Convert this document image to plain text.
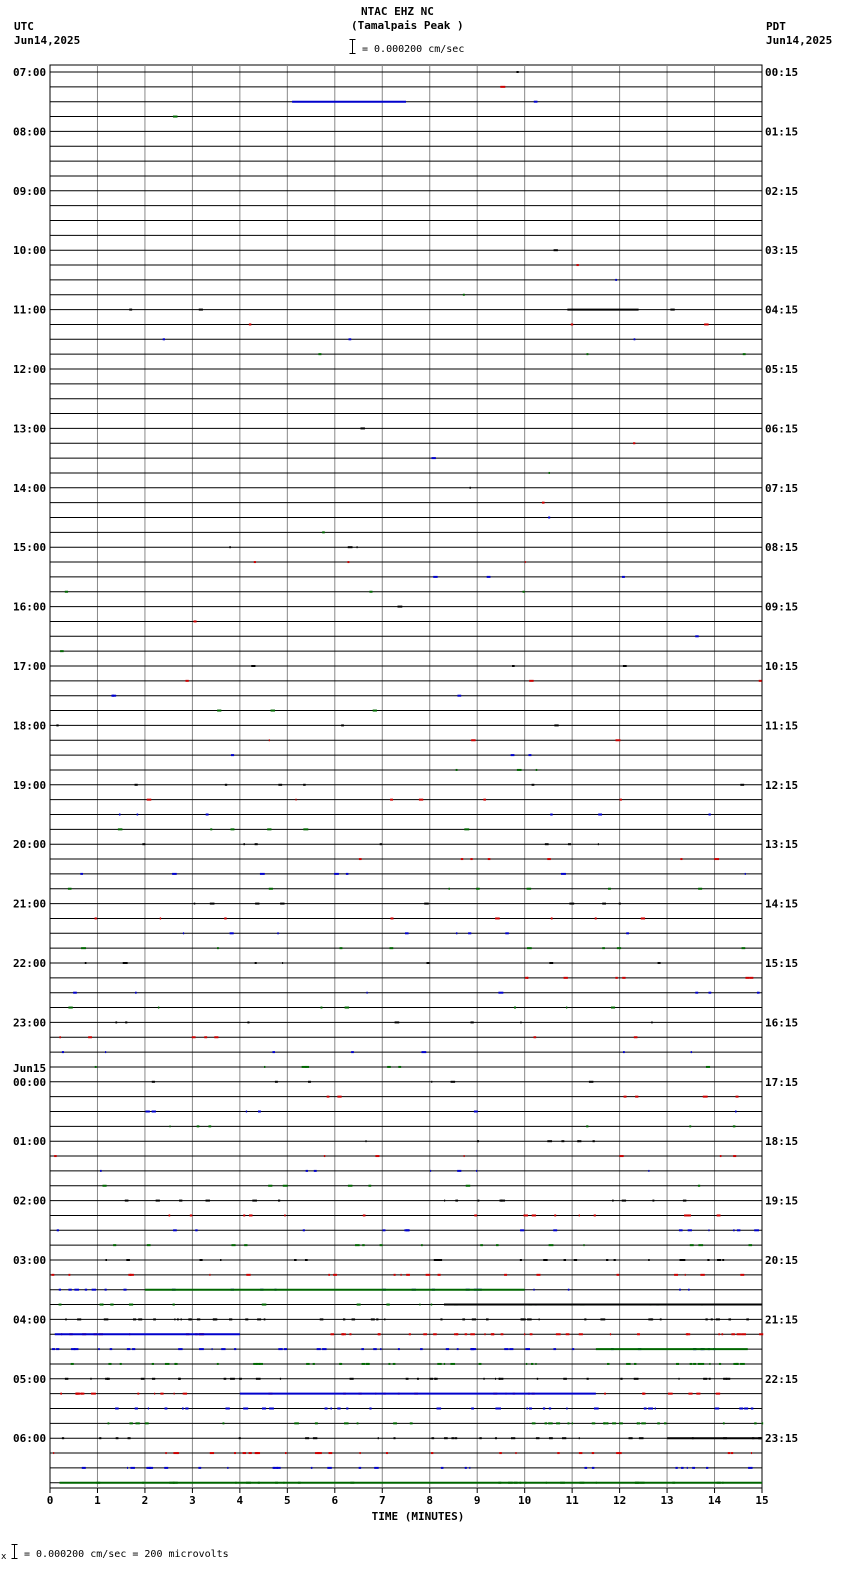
UTC
Jun14,2025
NTAC EHZ NC
(Tamalpais Peak )
= 0.000200 cm/sec
PDT
Jun14,2025
07:00
08:00
09:00
10:00
11:00
12:00
13:00
14:00
15:00
16:00
17:00
18:00
19:00
20:00
21:00
22:00
23:00
00:00
Jun15
01:00
02:00
03:00
04:00
05:00
06:00
00:15
01:15
02:15
03:15
04:15
05:15
06:15
07:15
08:15
09:15
10:15
11:15
12:15
13:15
14:15
15:15
16:15
17:15
18:15
19:15
20:15
21:15
22:15
23:15
0	1	2	3	4	5	6	7	8	9	10	11	12	13	14	15
TIME (MINUTES)
x = 0.000200 cm/sec = 200 microvolts
